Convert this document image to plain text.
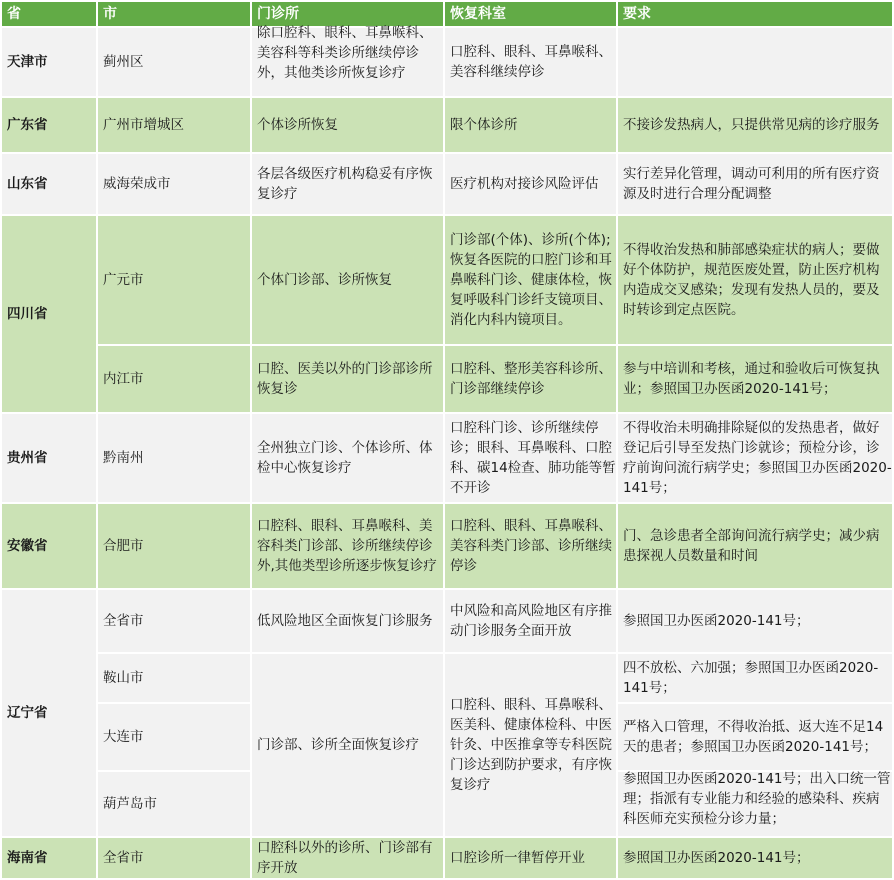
省	市	门诊所	恢复科室	要求
天津市	蓟州区	除口腔科、眼科、耳鼻喉科、美容科等科类诊所继续停诊外，其他类诊所恢复诊疗	口腔科、眼科、耳鼻喉科、美容科继续停诊	
广东省	广州市增城区	个体诊所恢复	限个体诊所	不接诊发热病人，只提供常见病的诊疗服务
山东省	威海荣成市	各层各级医疗机构稳妥有序恢复诊疗	医疗机构对接诊风险评估	实行差异化管理，调动可利用的所有医疗资源及时进行合理分配调整
四川省	广元市	个体门诊部、诊所恢复	门诊部(个体)、诊所(个体);恢复各医院的口腔门诊和耳鼻喉科门诊、健康体检，恢复呼吸科门诊纤支镜项目、消化内科内镜项目。	不得收治发热和肺部感染症状的病人；要做好个体防护，规范医废处置，防止医疗机构内造成交叉感染；发现有发热人员的，要及时转诊到定点医院。
	内江市	口腔、医美以外的门诊部诊所恢复诊	口腔科、整形美容科诊所、门诊部继续停诊	参与中培训和考核，通过和验收后可恢复执业；参照国卫办医函2020-141号；
贵州省	黔南州	全州独立门诊、个体诊所、体检中心恢复诊疗	口腔科门诊、诊所继续停诊；眼科、耳鼻喉科、口腔科、碳14检查、肺功能等暂不开诊	不得收治未明确排除疑似的发热患者，做好登记后引导至发热门诊就诊；预检分诊，诊疗前询问流行病学史；参照国卫办医函2020-141号；
安徽省	合肥市	口腔科、眼科、耳鼻喉科、美容科类门诊部、诊所继续停诊外,其他类型诊所逐步恢复诊疗	口腔科、眼科、耳鼻喉科、美容科类门诊部、诊所继续停诊	门、急诊患者全部询问流行病学史；减少病患探视人员数量和时间
辽宁省	全省市	低风险地区全面恢复门诊服务	中风险和高风险地区有序推动门诊服务全面开放	参照国卫办医函2020-141号；
	鞍山市	门诊部、诊所全面恢复诊疗	口腔科、眼科、耳鼻喉科、医美科、健康体检科、中医针灸、中医推拿等专科医院门诊达到防护要求，有序恢复诊疗	四不放松、六加强；参照国卫办医函2020-141号；
	大连市			严格入口管理，不得收治抵、返大连不足14天的患者；参照国卫办医函2020-141号；
	葫芦岛市			参照国卫办医函2020-141号；出入口统一管理；指派有专业能力和经验的感染科、疾病科医师充实预检分诊力量；

海南省	全省市	口腔科以外的诊所、门诊部有序开放	口腔诊所一律暂停开业	参照国卫办医函2020-141号；
